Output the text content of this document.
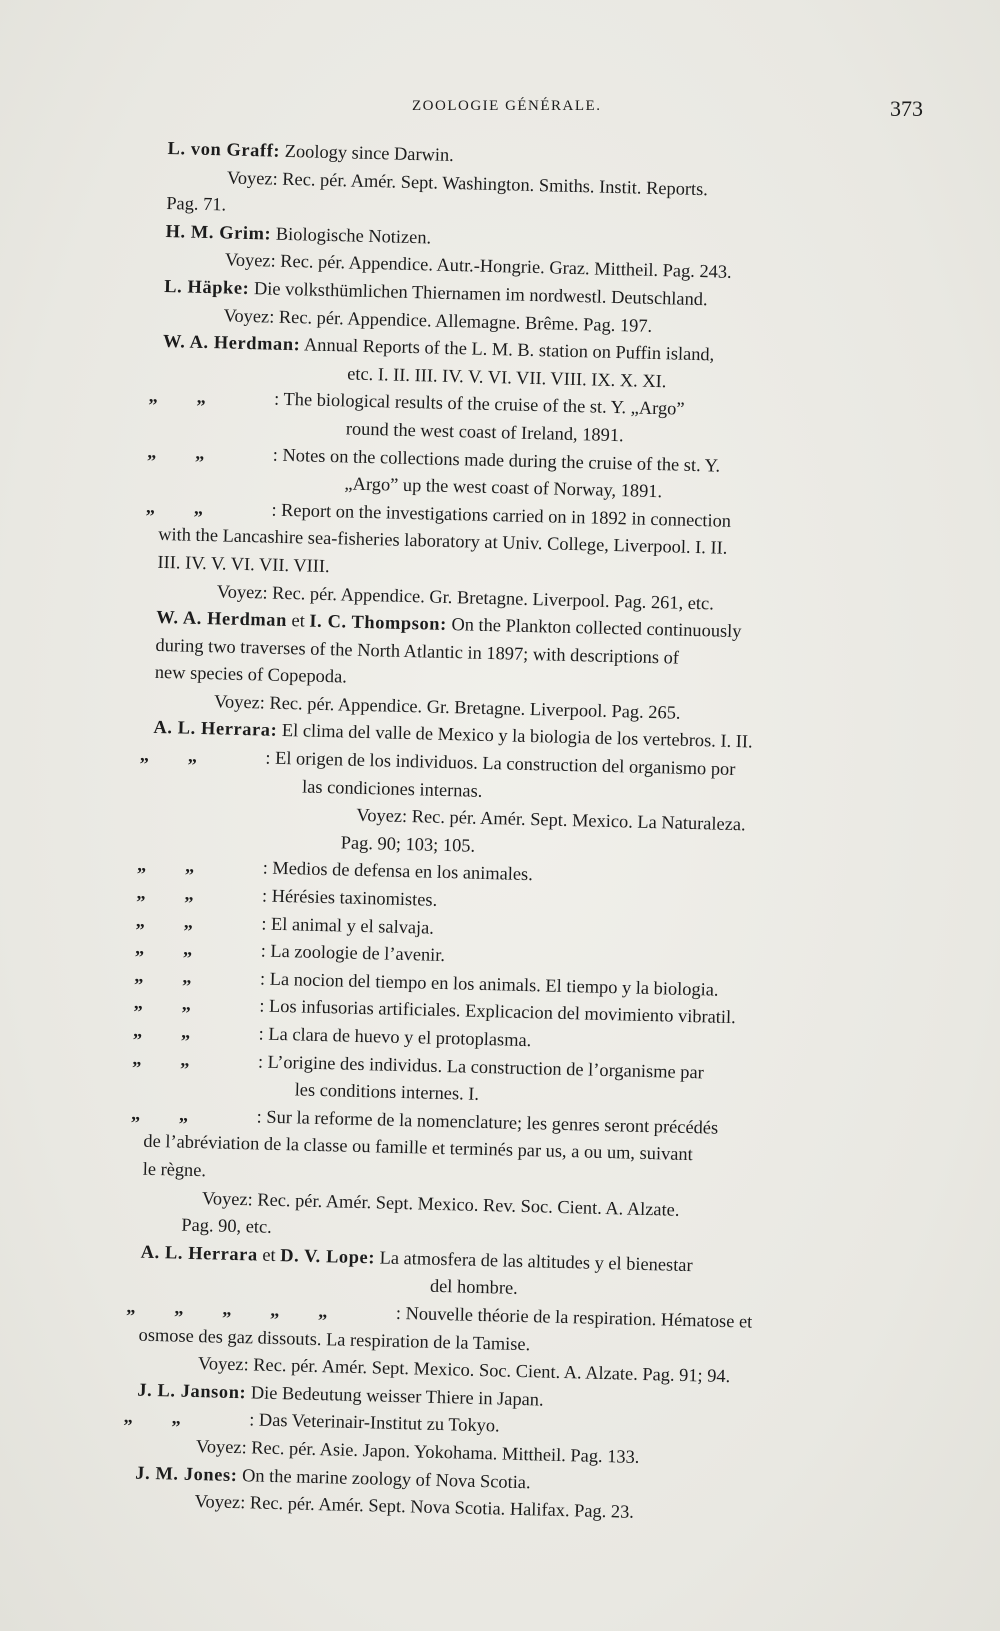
ZOOLOGIE GÉNÉRALE.	373
L. von Graff: Zoology since Darwin.
Voyez: Rec. pér. Amér. Sept. Washington. Smiths. Instit. Reports.
Pag. 71.
H. M. Grim: Biologische Notizen.
Voyez: Rec. pér. Appendice. Autr.-Hongrie. Graz. Mittheil. Pag. 243.
L. Häpke: Die volksthümlichen Thiernamen im nordwestl. Deutschland.
Voyez: Rec. pér. Appendice. Allemagne. Brême. Pag. 197.
W. A. Herdman: Annual Reports of the L. M. B. station on Puffin island,
etc. I. II. III. IV. V. VI. VII. VIII. IX. X. XI.
„ „	: The biological results of the cruise of the st. Y. „Argo”
round the west coast of Ireland, 1891.
„ „	: Notes on the collections made during the cruise of the st. Y.
„Argo” up the west coast of Norway, 1891.
„ „	: Report on the investigations carried on in 1892 in connection
with the Lancashire sea-fisheries laboratory at Univ. College, Liverpool. I. II.
III. IV. V. VI. VII. VIII.
Voyez: Rec. pér. Appendice. Gr. Bretagne. Liverpool. Pag. 261, etc.
W. A. Herdman et I. C. Thompson: On the Plankton collected continuously
during two traverses of the North Atlantic in 1897; with descriptions of
new species of Copepoda.
Voyez: Rec. pér. Appendice. Gr. Bretagne. Liverpool. Pag. 265.
A. L. Herrara: El clima del valle de Mexico y la biologia de los vertebros. I. II.
„ „	: El origen de los individuos. La construction del organismo por
las condiciones internas.
Voyez: Rec. pér. Amér. Sept. Mexico. La Naturaleza.
Pag. 90; 103; 105.
„ „	: Medios de defensa en los animales.
„ „	: Hérésies taxinomistes.
„ „	: El animal y el salvaja.
„ „	: La zoologie de l’avenir.
„ „	: La nocion del tiempo en los animals. El tiempo y la biologia.
„ „	: Los infusorias artificiales. Explicacion del movimiento vibratil.
„ „	: La clara de huevo y el protoplasma.
„ „	: L’origine des individus. La construction de l’organisme par
les conditions internes. I.
„ „	: Sur la reforme de la nomenclature; les genres seront précédés
de l’abréviation de la classe ou famille et terminés par us, a ou um, suivant
le règne.
Voyez: Rec. pér. Amér. Sept. Mexico. Rev. Soc. Cient. A. Alzate.
Pag. 90, etc.
A. L. Herrara et D. V. Lope: La atmosfera de las altitudes y el bienestar
del hombre.
„ „ „ „ „	: Nouvelle théorie de la respiration. Hématose et
osmose des gaz dissouts. La respiration de la Tamise.
Voyez: Rec. pér. Amér. Sept. Mexico. Soc. Cient. A. Alzate. Pag. 91; 94.
J. L. Janson: Die Bedeutung weisser Thiere in Japan.
„ „	: Das Veterinair-Institut zu Tokyo.
Voyez: Rec. pér. Asie. Japon. Yokohama. Mittheil. Pag. 133.
J. M. Jones: On the marine zoology of Nova Scotia.
Voyez: Rec. pér. Amér. Sept. Nova Scotia. Halifax. Pag. 23.
